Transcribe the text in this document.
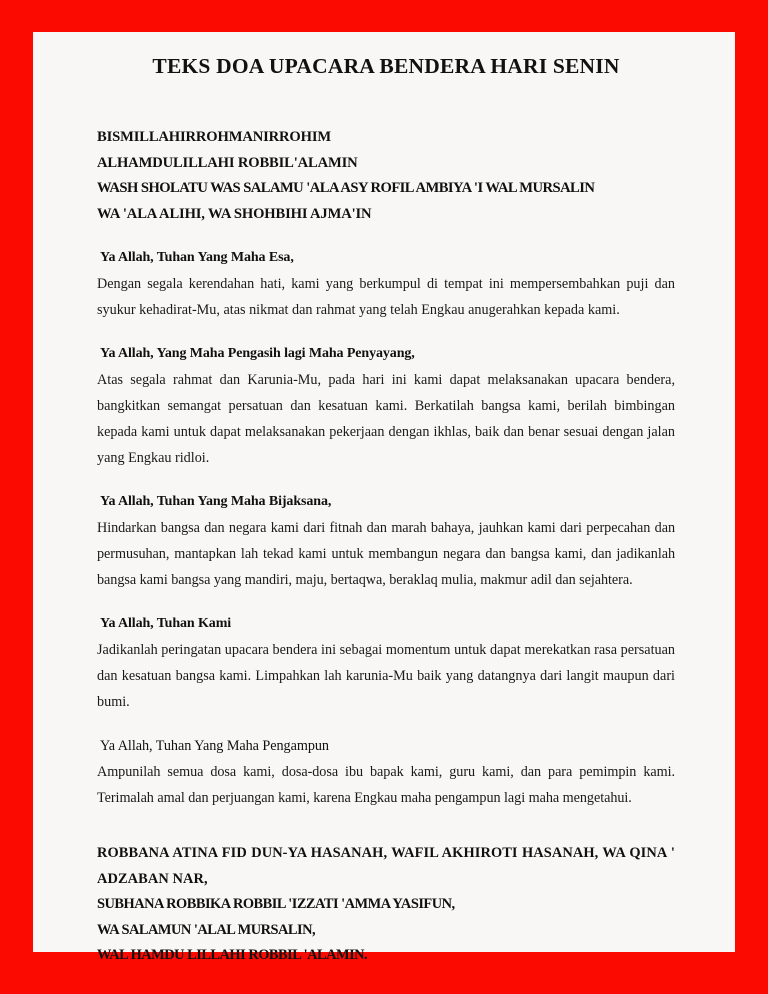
TEKS DOA UPACARA BENDERA HARI SENIN
BISMILLAHIRROHMANIRROHIM
ALHAMDULILLAHI ROBBIL'ALAMIN
WASH SHOLATU WAS SALAMU 'ALA ASY ROFIL AMBIYA 'I WAL MURSALIN
WA 'ALA ALIHI, WA SHOHBIHI AJMA'IN
Ya Allah, Tuhan Yang Maha Esa,
Dengan segala kerendahan hati, kami yang berkumpul di tempat ini mempersembahkan puji dan syukur kehadirat-Mu, atas nikmat dan rahmat yang telah Engkau anugerahkan kepada kami.
Ya Allah, Yang Maha Pengasih lagi Maha Penyayang,
Atas segala rahmat dan Karunia-Mu, pada hari ini kami dapat melaksanakan upacara bendera, bangkitkan semangat persatuan dan kesatuan kami. Berkatilah bangsa kami, berilah bimbingan kepada kami untuk dapat melaksanakan pekerjaan dengan ikhlas, baik dan benar sesuai dengan jalan yang Engkau ridloi.
Ya Allah, Tuhan Yang Maha Bijaksana,
Hindarkan bangsa dan negara kami dari fitnah dan marah bahaya, jauhkan kami dari perpecahan dan permusuhan, mantapkan lah tekad kami untuk membangun negara dan bangsa kami, dan jadikanlah bangsa kami bangsa yang mandiri, maju, bertaqwa, beraklaq mulia, makmur adil dan sejahtera.
Ya Allah, Tuhan Kami
Jadikanlah peringatan upacara bendera ini sebagai momentum untuk dapat merekatkan rasa persatuan dan kesatuan bangsa kami. Limpahkan lah karunia-Mu baik yang datangnya dari langit maupun dari bumi.
Ya Allah, Tuhan Yang Maha Pengampun
Ampunilah semua dosa kami, dosa-dosa ibu bapak kami, guru kami, dan para pemimpin kami. Terimalah amal dan perjuangan kami, karena Engkau maha pengampun lagi maha mengetahui.
ROBBANA ATINA FID DUN-YA HASANAH, WAFIL AKHIROTI HASANAH, WA QINA ' ADZABAN NAR,
SUBHANA ROBBIKA ROBBIL 'IZZATI 'AMMA YASIFUN,
WA SALAMUN 'ALAL MURSALIN,
WAL HAMDU LILLAHI ROBBIL 'ALAMIN.
